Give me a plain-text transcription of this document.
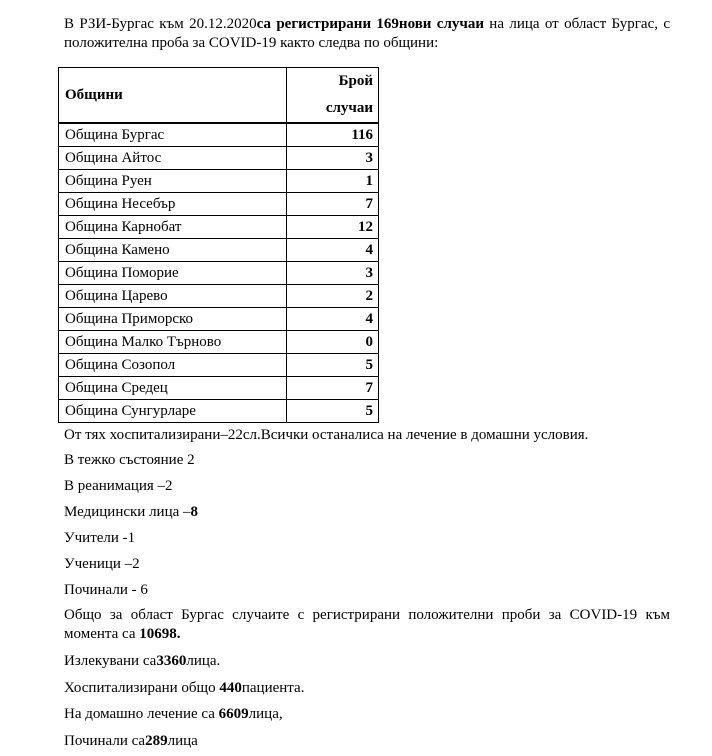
В РЗИ-Бургас към 20.12.2020са регистрирани 169нови случаи на лица от област Бургас, с положителна проба за COVID-19 както следва по общини:

Общини	Брой случаи
Община Бургас	116
Община Айтос	3
Община Руен	1
Община Несебър	7
Община Карнобат	12
Община Камено	4
Община Поморие	3
Община Царево	2
Община Приморско	4
Община Малко Търново	0
Община Созопол	5
Община Средец	7
Община Сунгурларе	5
От тях хоспитализирани–22сл.Всички останалиса на лечение в домашни условия.
В тежко състояние 2
В реанимация –2
Медицински лица –8
Учители -1
Ученици –2
Починали - 6
Общо за област Бургас случаите с регистрирани положителни проби за COVID-19 към момента са 10698.
Излекувани са3360лица.
Хоспитализирани общо 440пациента.
На домашно лечение са 6609лица,
Починали са289лица
